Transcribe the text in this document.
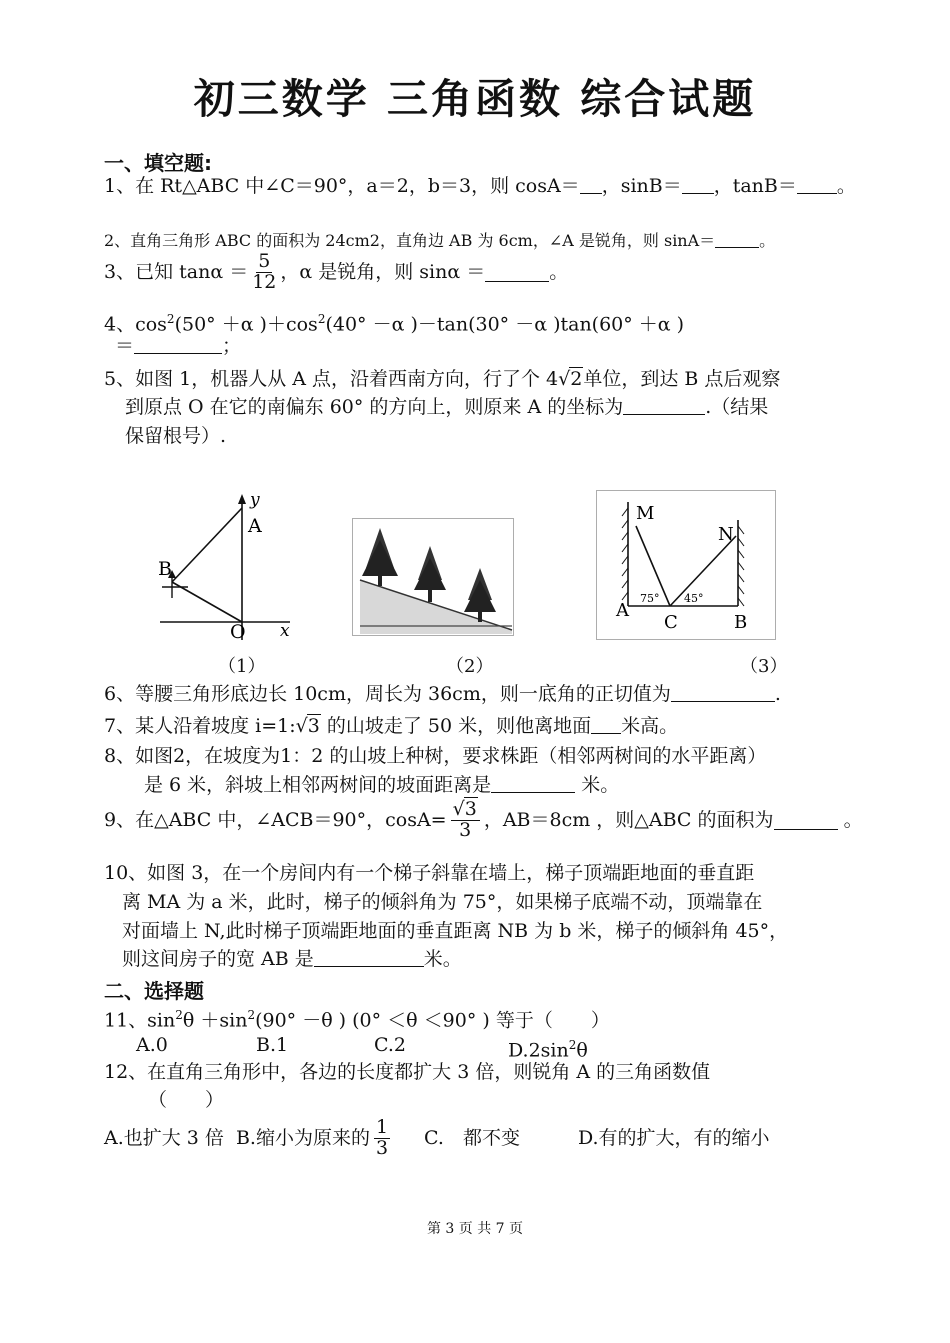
初三数学 三角函数 综合试题
一、填空题:
1、在 Rt△ABC 中∠C＝90°，a＝2，b＝3，则 cosA＝ ，sinB＝ ，tanB＝ 。
2、直角三角形 ABC 的面积为 24cm2，直角边 AB 为 6cm，∠A 是锐角，则 sinA＝	。
3、已知 $\tan\alpha = \frac{5}{12}$ ，α 是锐角，则 sinα ＝	。
4、$\cos^2(50^\circ +\alpha$ )$+\cos^2(40^\circ -\alpha$ )－tan(30° －α )tan(60° ＋α )
＝	；
5、如图 1，机器人从 A 点，沿着西南方向，行了个 4√2单位，到达 B 点后观察
到原点 O 在它的南偏东 60° 的方向上，则原来 A 的坐标为	.（结果
保留根号）.
y
A
B
O x
M
N
A
C	B
75° 45°
（1）	（2）	（3）
6、等腰三角形底边长 10cm，周长为 36cm，则一底角的正切值为	.
7、某人沿着坡度 i=1:√3 的山坡走了 50 米，则他离地面 米高。
8、如图2，在坡度为1：2 的山坡上种树，要求株距（相邻两树间的水平距离）
是 6 米，斜坡上相邻两树间的坡面距离是	米。
9、在△ABC 中，∠ACB＝90°，$\cos A= \frac{√3}{3}$ ，AB＝8cm ，则△ABC 的面积为
	。
10、如图 3，在一个房间内有一个梯子斜靠在墙上，梯子顶端距地面的垂直距
离 MA 为 a 米，此时，梯子的倾斜角为 75°，如果梯子底端不动，顶端靠在
对面墙上 N,此时梯子顶端距地面的垂直距离 NB 为 b 米，梯子的倾斜角 45°，
则这间房子的宽 AB 是	米。
二、选择题
11、$\sin^2\theta +\sin^2(90^\circ -\theta$ ) (0° ＜θ ＜90° ) 等于（　　）
A.0	B.1	C.2	$D.2\sin^2\theta$
12、在直角三角形中，各边的长度都扩大 3 倍，则锐角 A 的三角函数值
（　　）
A.也扩大 3 倍 B.缩小为原来的 $\frac{1}{3} C$.　都不变	D.有的扩大，有的缩小
第 3 页 共 7 页
